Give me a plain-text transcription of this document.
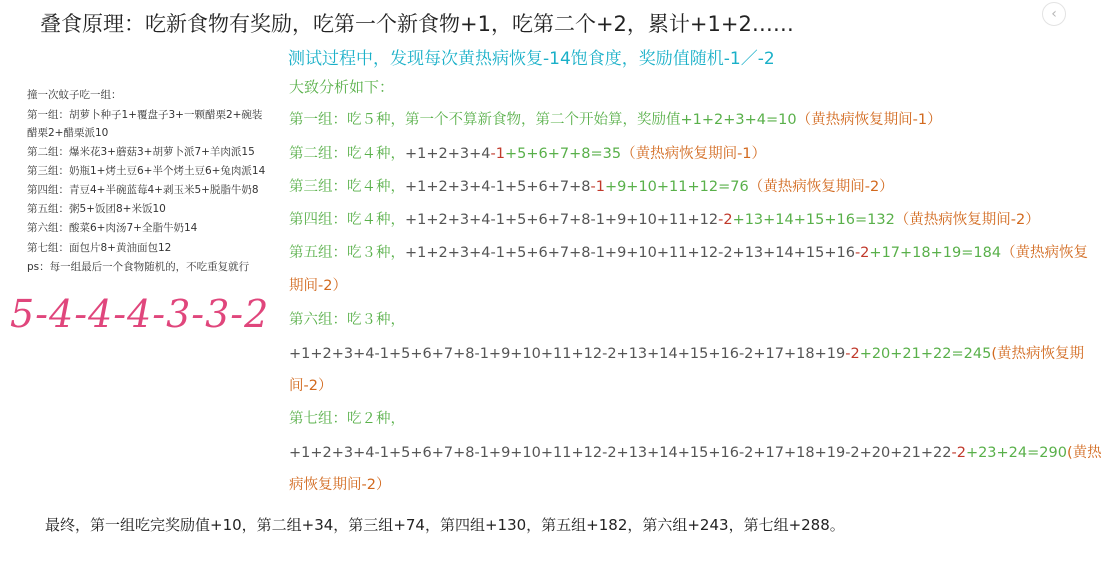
叠食原理：吃新食物有奖励，吃第一个新食物+1，吃第二个+2，累计+1+2……
测试过程中，发现每次黄热病恢复-14饱食度，奖励值随机-1／-2
大致分析如下：
撞一次蚊子吃一组：
第一组：胡萝卜种子1+覆盘子3+一颗醋栗2+碗装
醋栗2+醋栗派10
第二组：爆米花3+蘑菇3+胡萝卜派7+羊肉派15
第三组：奶瓶1+烤土豆6+半个烤土豆6+兔肉派14
第四组：青豆4+半碗蓝莓4+剥玉米5+脱脂牛奶8
第五组：粥5+饭团8+米饭10
第六组：酸菜6+肉汤7+全脂牛奶14
第七组：面包片8+黄油面包12
ps：每一组最后一个食物随机的，不吃重复就行
5-4-4-4-3-3-2
第一组：吃５种，第一个不算新食物，第二个开始算，奖励值+1+2+3+4=10（黄热病恢复期间-1）
第二组：吃４种，+1+2+3+4-1+5+6+7+8=35（黄热病恢复期间-1）
第三组：吃４种，+1+2+3+4-1+5+6+7+8-1+9+10+11+12=76（黄热病恢复期间-2）
第四组：吃４种，+1+2+3+4-1+5+6+7+8-1+9+10+11+12-2+13+14+15+16=132（黄热病恢复期间-2）
第五组：吃３种，+1+2+3+4-1+5+6+7+8-1+9+10+11+12-2+13+14+15+16-2+17+18+19=184（黄热病恢复
期间-2）
第六组：吃３种，
+1+2+3+4-1+5+6+7+8-1+9+10+11+12-2+13+14+15+16-2+17+18+19-2+20+21+22=245(黄热病恢复期
间-2）
第七组：吃２种，
+1+2+3+4-1+5+6+7+8-1+9+10+11+12-2+13+14+15+16-2+17+18+19-2+20+21+22-2+23+24=290(黄热
病恢复期间-2）
最终，第一组吃完奖励值+10，第二组+34，第三组+74，第四组+130，第五组+182，第六组+243，第七组+288。
‹
